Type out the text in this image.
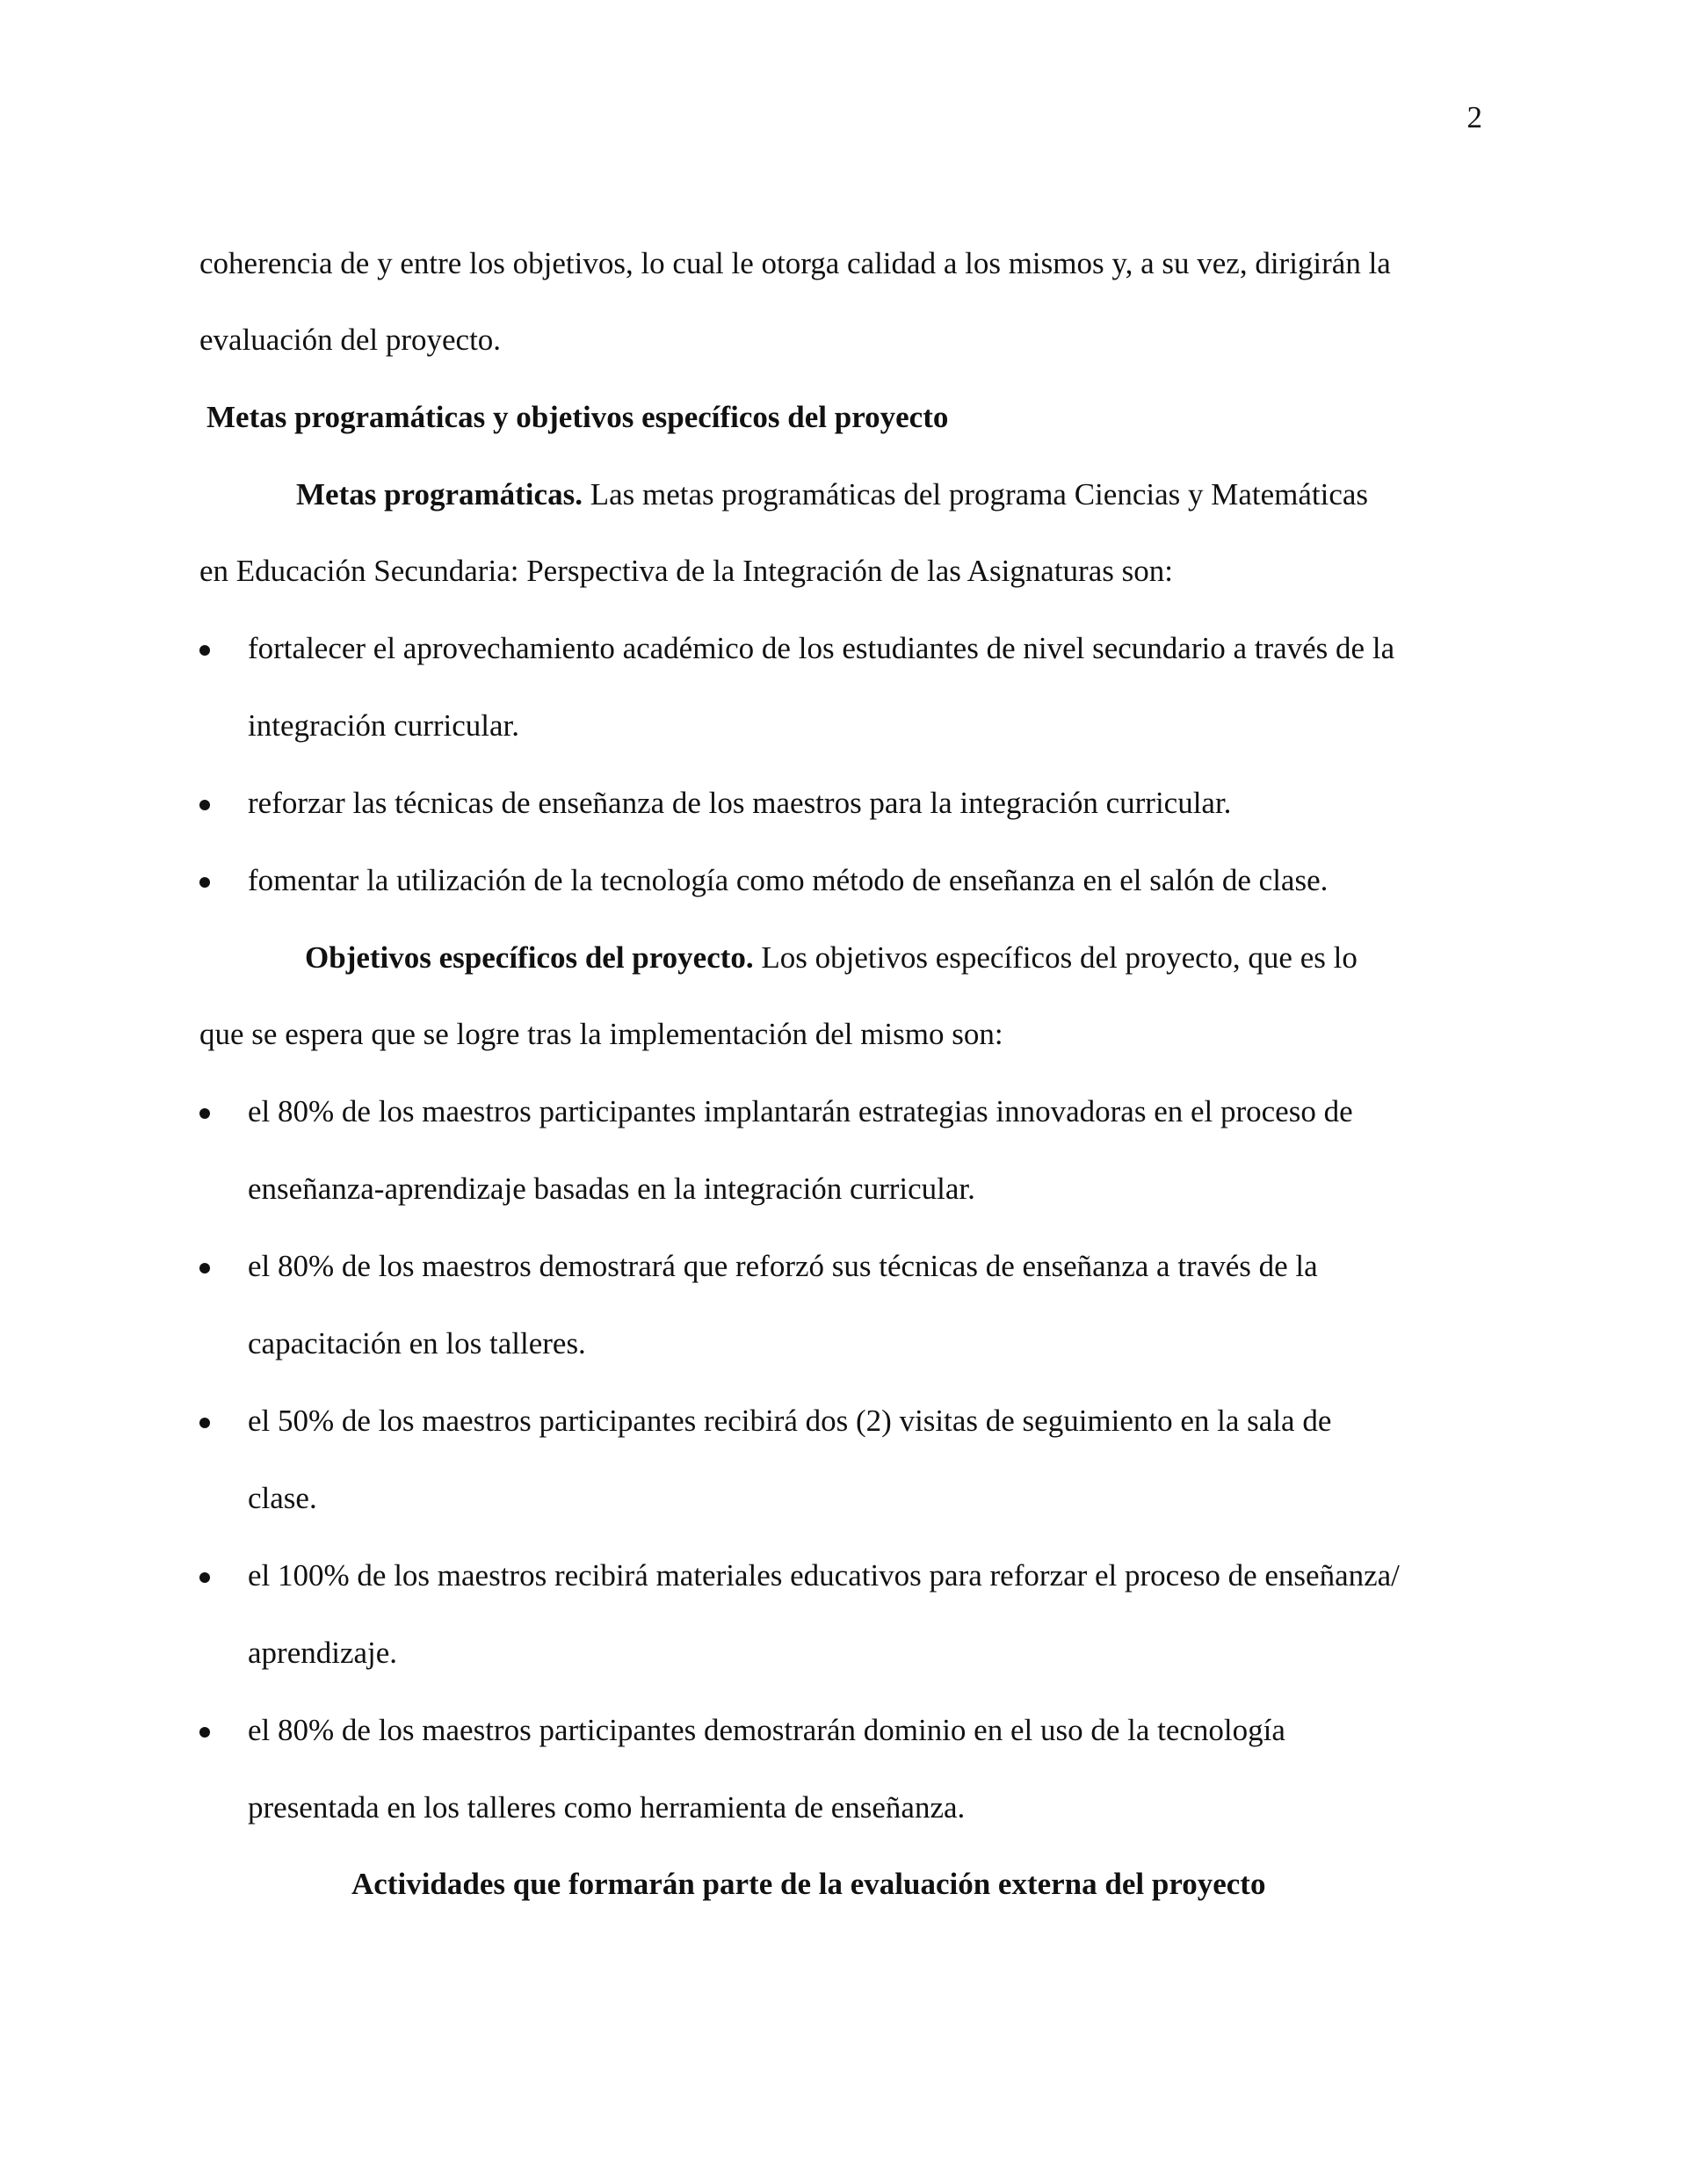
2
coherencia de y entre los objetivos, lo cual le otorga calidad a los mismos y, a su vez, dirigirán la
evaluación del proyecto.
Metas programáticas y objetivos específicos del proyecto
Metas programáticas. Las metas programáticas del programa Ciencias y Matemáticas
en Educación Secundaria: Perspectiva de la Integración de las Asignaturas son:
fortalecer el aprovechamiento académico de los estudiantes de nivel secundario a través de la
integración curricular.
reforzar las técnicas de enseñanza de los maestros para la integración curricular.
fomentar la utilización de la tecnología como método de enseñanza en el salón de clase.
Objetivos específicos del proyecto. Los objetivos específicos del proyecto, que es lo
que se espera que se logre tras la implementación del mismo son:
el 80% de los maestros participantes implantarán estrategias innovadoras en el proceso de
enseñanza-aprendizaje basadas en la integración curricular.
el 80% de los maestros demostrará que reforzó sus técnicas de enseñanza a través de la
capacitación en los talleres.
el 50% de los maestros participantes recibirá dos (2) visitas de seguimiento en la sala de
clase.
el 100% de los maestros recibirá materiales educativos para reforzar el proceso de enseñanza/
aprendizaje.
el 80% de los maestros participantes demostrarán dominio en el uso de la tecnología
presentada en los talleres como herramienta de enseñanza.
Actividades que formarán parte de la evaluación externa del proyecto
